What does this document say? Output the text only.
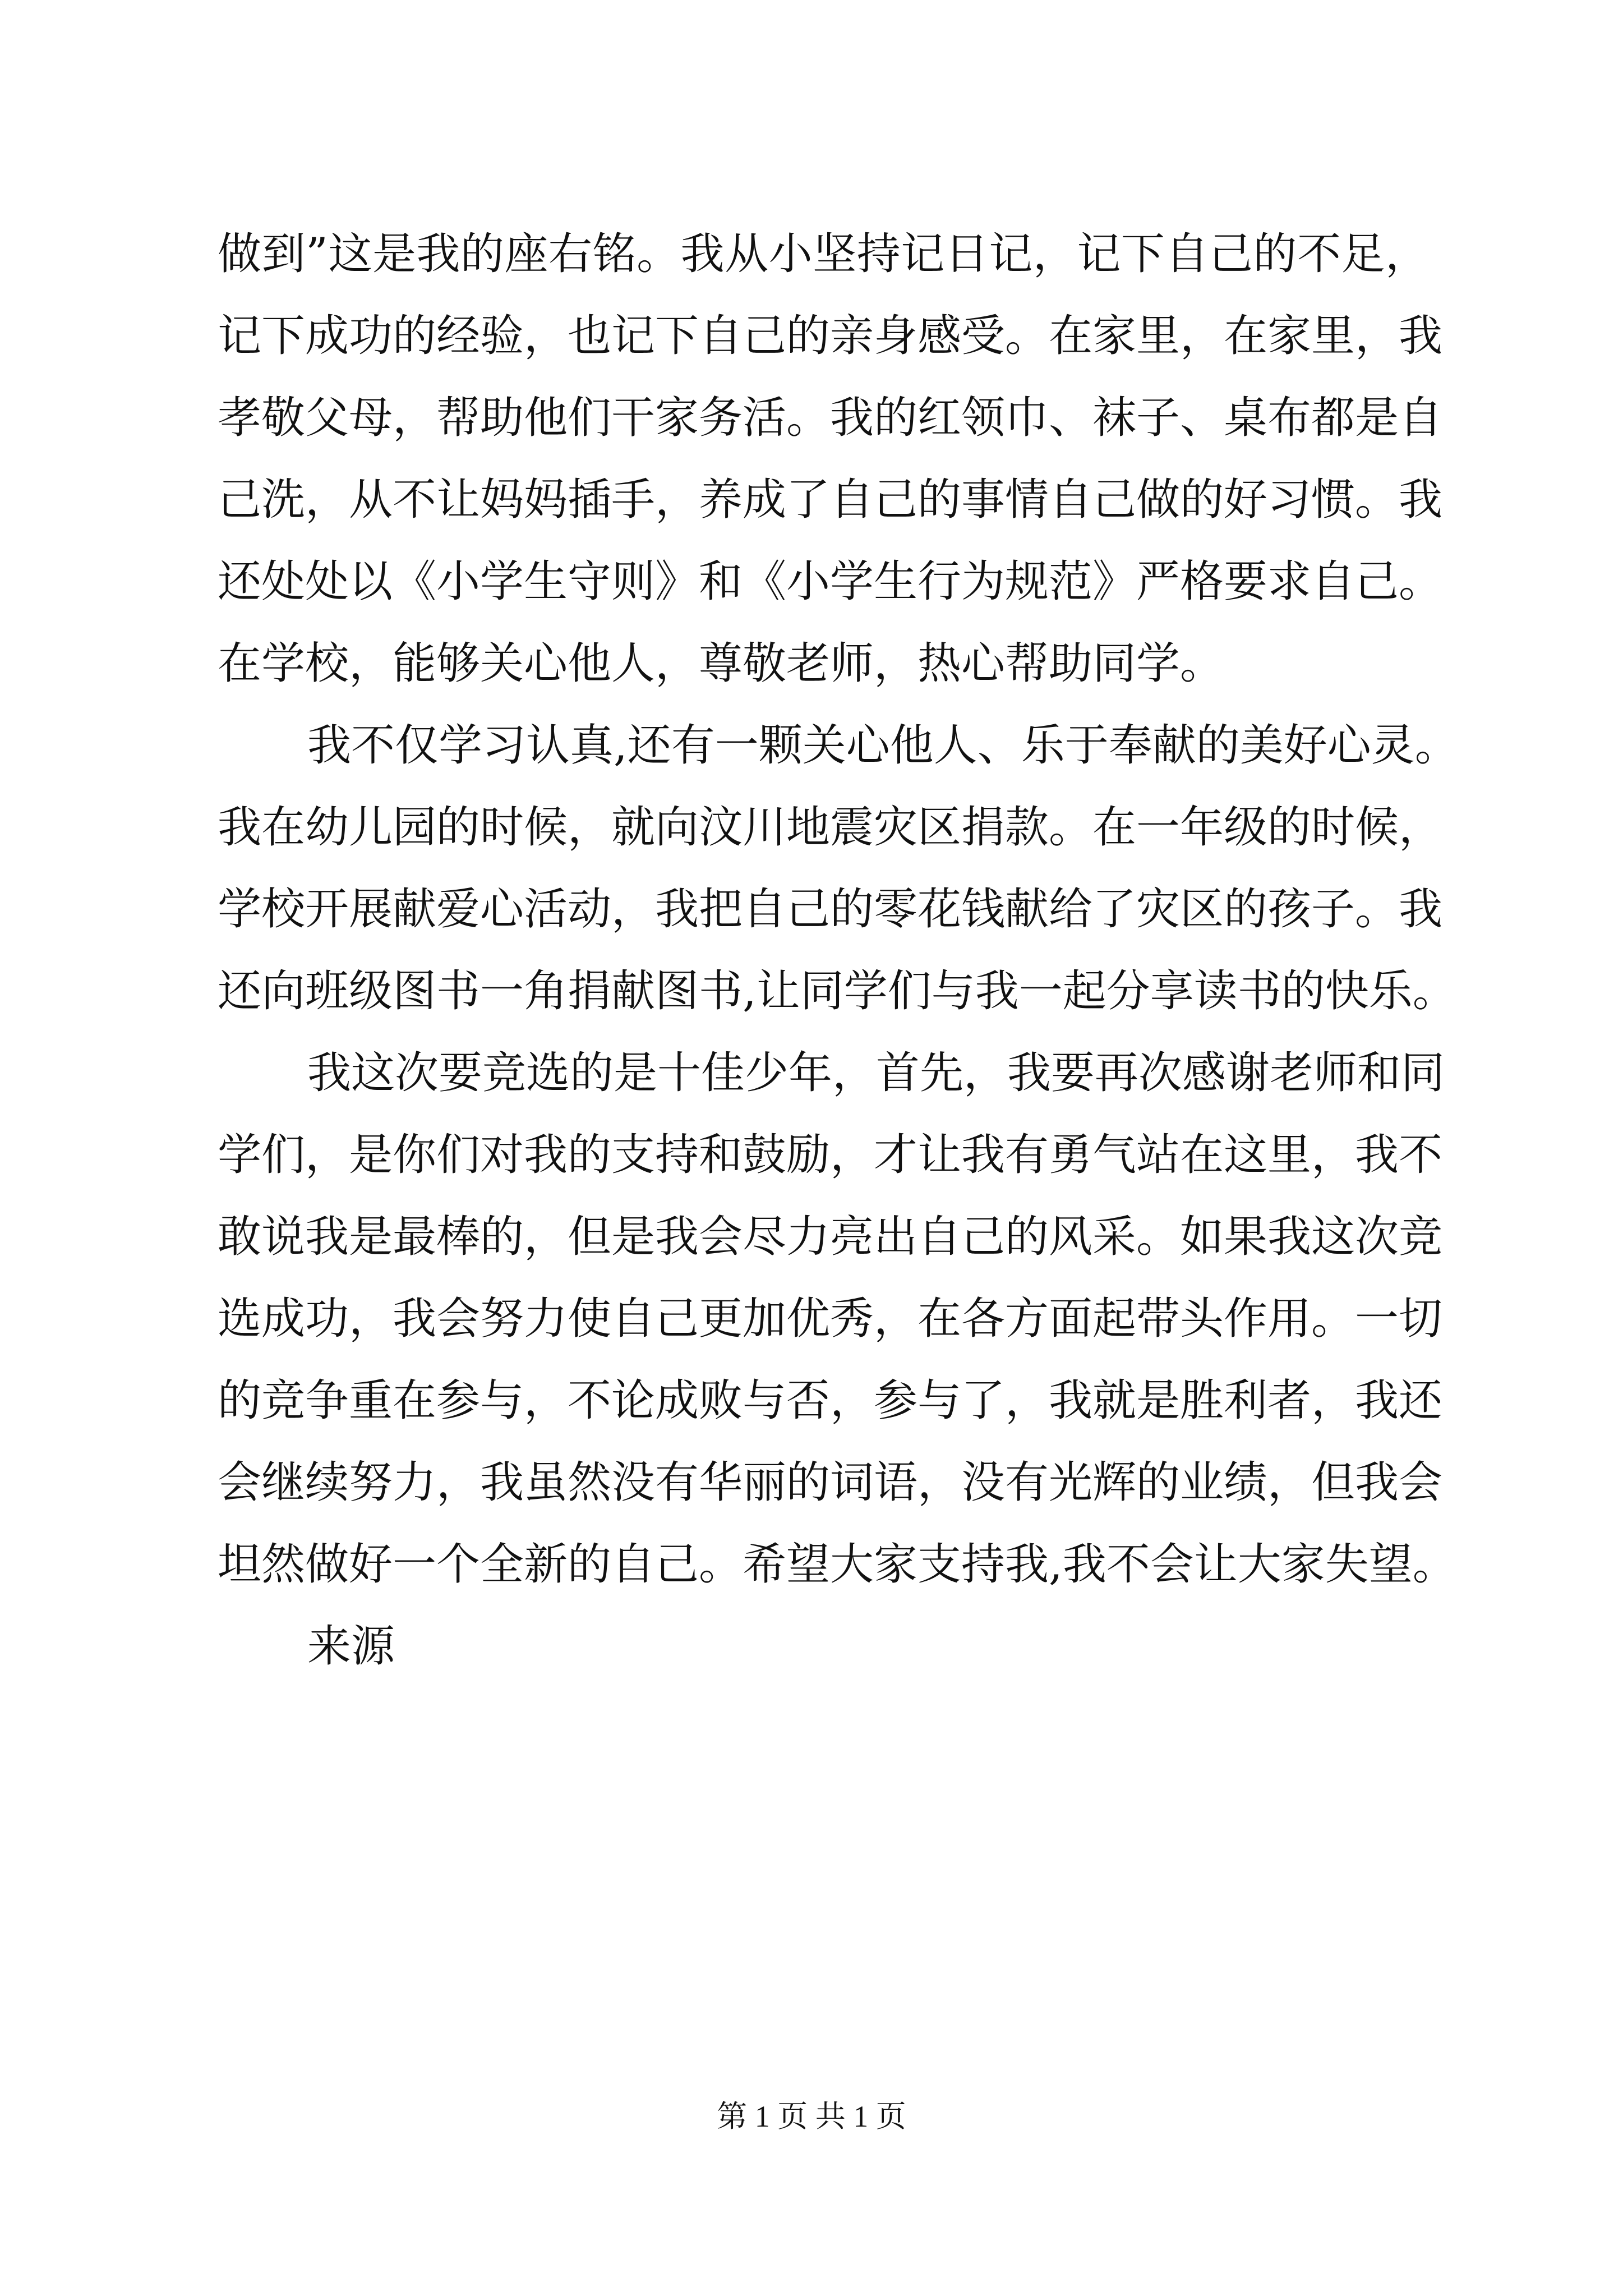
做到”这是我的座右铭。我从小坚持记日记，记下自己的不足，
记下成功的经验，也记下自己的亲身感受。在家里，在家里，我
孝敬父母，帮助他们干家务活。我的红领巾、袜子、桌布都是自
己洗，从不让妈妈插手，养成了自己的事情自己做的好习惯。我
还处处以《小学生守则》和《小学生行为规范》严格要求自己。
在学校，能够关心他人，尊敬老师，热心帮助同学。
我不仅学习认真,还有一颗关心他人、乐于奉献的美好心灵。
我在幼儿园的时候，就向汶川地震灾区捐款。在一年级的时候，
学校开展献爱心活动，我把自己的零花钱献给了灾区的孩子。我
还向班级图书一角捐献图书,让同学们与我一起分享读书的快乐。
我这次要竞选的是十佳少年，首先，我要再次感谢老师和同
学们，是你们对我的支持和鼓励，才让我有勇气站在这里，我不
敢说我是最棒的，但是我会尽力亮出自己的风采。如果我这次竞
选成功，我会努力使自己更加优秀，在各方面起带头作用。一切
的竞争重在参与，不论成败与否，参与了，我就是胜利者，我还
会继续努力，我虽然没有华丽的词语，没有光辉的业绩，但我会
坦然做好一个全新的自己。希望大家支持我,我不会让大家失望。
来源
第 1 页 共 1 页
